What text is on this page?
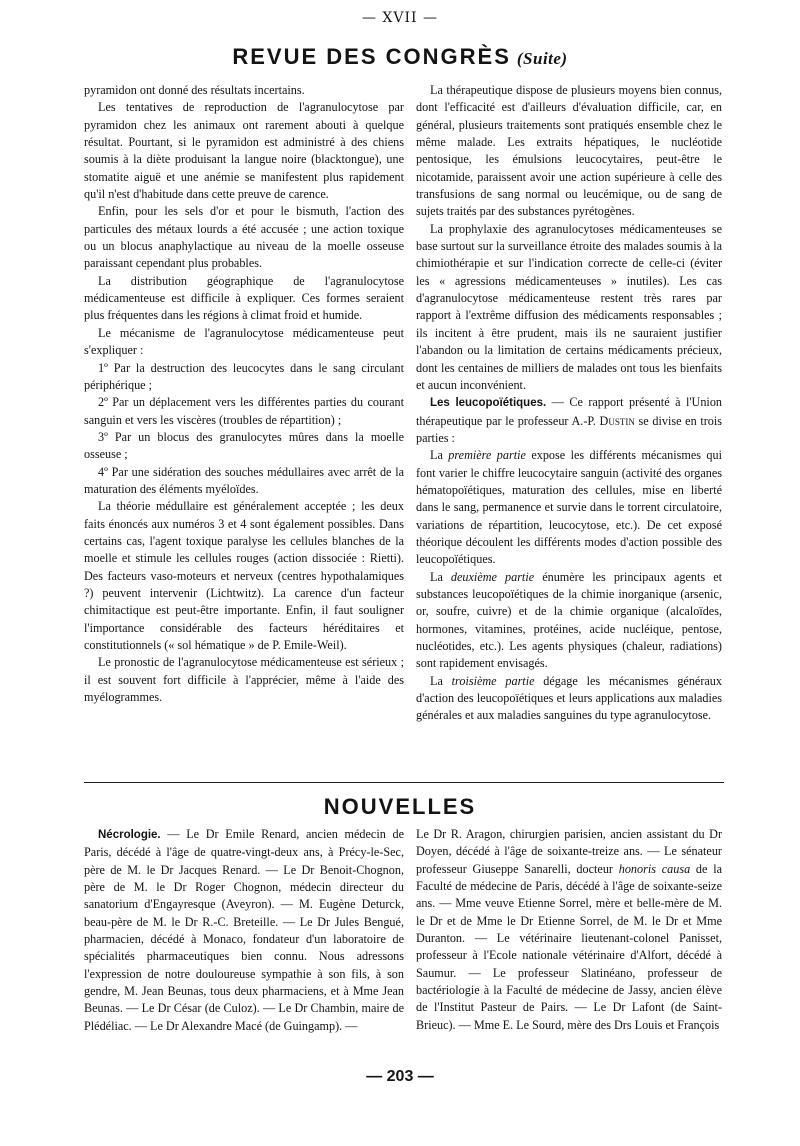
— XVII —
REVUE DES CONGRÈS (Suite)

pyramidon ont donné des résultats incertains.

Les tentatives de reproduction de l'agranulocytose par pyramidon chez les animaux ont rarement abouti à quelque résultat. Pourtant, si le pyramidon est administré à des chiens soumis à la diète produisant la langue noire (blacktongue), une stomatite aiguë et une anémie se manifestent plus rapidement qu'il n'est d'habitude dans cette preuve de carence.

Enfin, pour les sels d'or et pour le bismuth, l'action des particules des métaux lourds a été accusée ; une action toxique ou un blocus anaphylactique au niveau de la moelle osseuse paraissant cependant plus probables.

La distribution géographique de l'agranulocytose médicamenteuse est difficile à expliquer. Ces formes seraient plus fréquentes dans les régions à climat froid et humide.

Le mécanisme de l'agranulocytose médicamenteuse peut s'expliquer :

1º Par la destruction des leucocytes dans le sang circulant périphérique ;

2º Par un déplacement vers les différentes parties du courant sanguin et vers les viscères (troubles de répartition) ;

3º Par un blocus des granulocytes mûres dans la moelle osseuse ;

4º Par une sidération des souches médullaires avec arrêt de la maturation des éléments myéloïdes.

La théorie médullaire est généralement acceptée ; les deux faits énoncés aux numéros 3 et 4 sont également possibles. Dans certains cas, l'agent toxique paralyse les cellules blanches de la moelle et stimule les cellules rouges (action dissociée : Rietti). Des facteurs vaso-moteurs et nerveux (centres hypothalamiques ?) peuvent intervenir (Lichtwitz). La carence d'un facteur chimitactique est peut-être importante. Enfin, il faut souligner l'importance considérable des facteurs héréditaires et constitutionnels (« sol hématique » de P. Emile-Weil).

Le pronostic de l'agranulocytose médicamenteuse est sérieux ; il est souvent fort difficile à l'apprécier, même à l'aide des myélogrammes.

La thérapeutique dispose de plusieurs moyens bien connus, dont l'efficacité est d'ailleurs d'évaluation difficile, car, en général, plusieurs traitements sont pratiqués ensemble chez le même malade. Les extraits hépatiques, le nucléotide pentosique, les émulsions leucocytaires, peut-être le nicotamide, paraissent avoir une action supérieure à celle des transfusions de sang normal ou leucémique, ou de sang de sujets traités par des substances pyrétogènes.

La prophylaxie des agranulocytoses médicamenteuses se base surtout sur la surveillance étroite des malades soumis à la chimiothérapie et sur l'indication correcte de celle-ci (éviter les « agressions médicamenteuses » inutiles). Les cas d'agranulocytose médicamenteuse restent très rares par rapport à l'extrême diffusion des médicaments responsables ; ils incitent à être prudent, mais ils ne sauraient justifier l'abandon ou la limitation de certains médicaments précieux, dont les centaines de milliers de malades ont tous les bienfaits et aucun inconvénient.

Les leucopoïétiques. — Ce rapport présenté à l'Union thérapeutique par le professeur A.-P. Dustin se divise en trois parties :

La première partie expose les différents mécanismes qui font varier le chiffre leucocytaire sanguin (activité des organes hématopoïétiques, maturation des cellules, mise en liberté dans le sang, permanence et survie dans le torrent circulatoire, variations de répartition, leucocytose, etc.). De cet exposé théorique découlent les différents modes d'action possible des leucopoïétiques.

La deuxième partie énumère les principaux agents et substances leucopoïétiques de la chimie inorganique (arsenic, or, soufre, cuivre) et de la chimie organique (alcaloïdes, hormones, vitamines, protéines, acide nucléique, pentose, nucléotides, etc.). Les agents physiques (chaleur, radiations) sont rapidement envisagés.

La troisième partie dégage les mécanismes généraux d'action des leucopoïétiques et leurs applications aux maladies générales et aux maladies sanguines du type agranulocytose.

NOUVELLES

Nécrologie. — Le Dr Emile Renard, ancien médecin de Paris, décédé à l'âge de quatre-vingt-deux ans, à Précy-le-Sec, père de M. le Dr Jacques Renard. — Le Dr Benoit-Chognon, père de M. le Dr Roger Chognon, médecin directeur du sanatorium d'Engayresque (Aveyron). — M. Eugène Deturck, beau-père de M. le Dr R.-C. Breteille. — Le Dr Jules Bengué, pharmacien, décédé à Monaco, fondateur d'un laboratoire de spécialités pharmaceutiques bien connu. Nous adressons l'expression de notre douloureuse sympathie à son fils, à son gendre, M. Jean Beunas, tous deux pharmaciens, et à Mme Jean Beunas. — Le Dr César (de Culoz). — Le Dr Chambin, maire de Plédéliac. — Le Dr Alexandre Macé (de Guingamp). —

Le Dr R. Aragon, chirurgien parisien, ancien assistant du Dr Doyen, décédé à l'âge de soixante-treize ans. — Le sénateur professeur Giuseppe Sanarelli, docteur honoris causa de la Faculté de médecine de Paris, décédé à l'âge de soixante-seize ans. — Mme veuve Etienne Sorrel, mère et belle-mère de M. le Dr et de Mme le Dr Etienne Sorrel, de M. le Dr et Mme Duranton. — Le vétérinaire lieutenant-colonel Panisset, professeur à l'Ecole nationale vétérinaire d'Alfort, décédé à Saumur. — Le professeur Slatinéano, professeur de bactériologie à la Faculté de médecine de Jassy, ancien élève de l'Institut Pasteur de Pairs. — Le Dr Lafont (de Saint-Brieuc). — Mme E. Le Sourd, mère des Drs Louis et François

— 203 —
